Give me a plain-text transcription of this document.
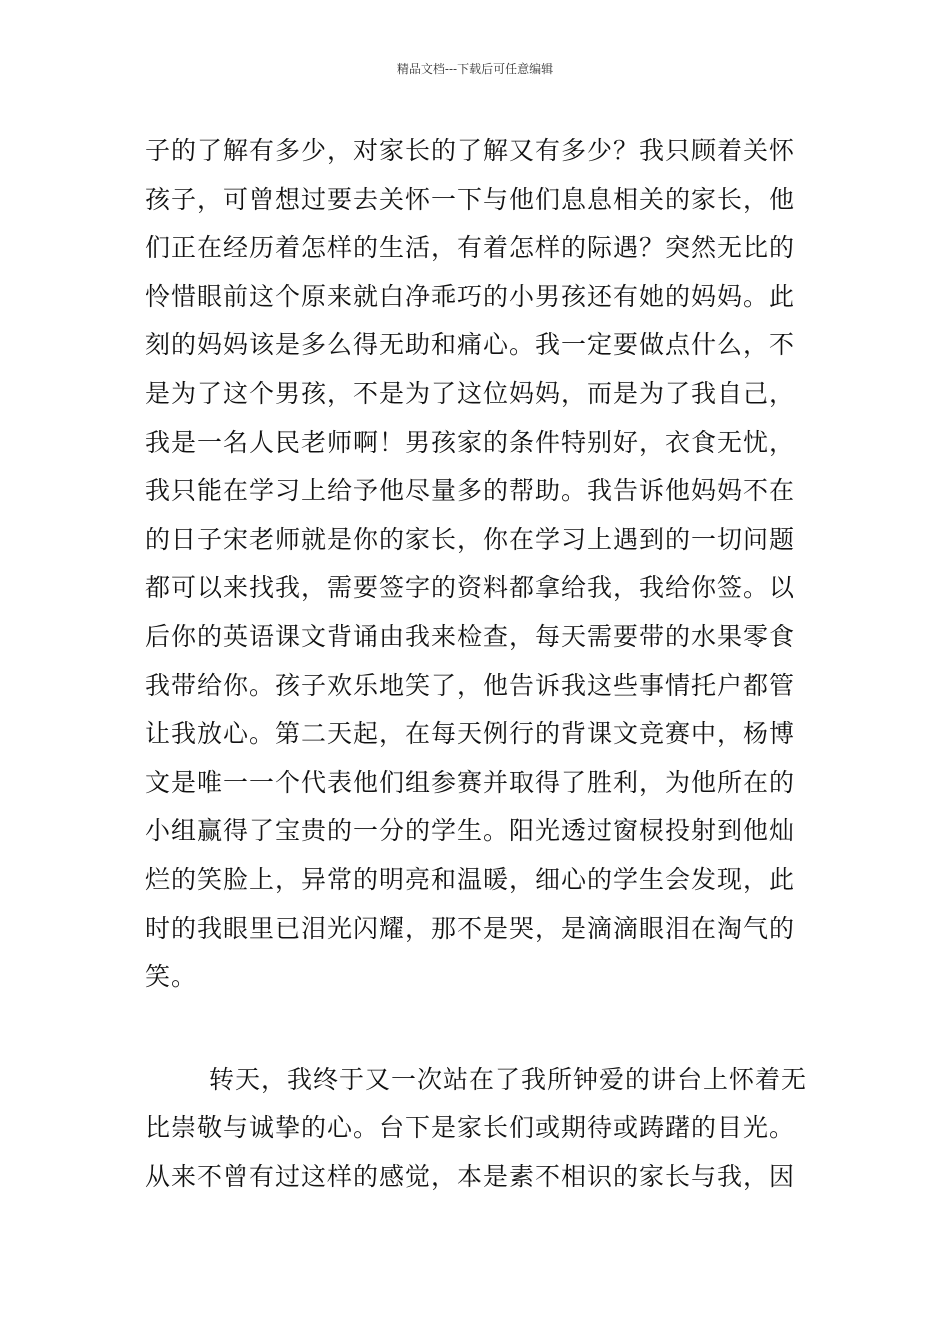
精品文档---下载后可任意编辑
子的了解有多少，对家长的了解又有多少？我只顾着关怀
孩子，可曾想过要去关怀一下与他们息息相关的家长，他
们正在经历着怎样的生活，有着怎样的际遇？突然无比的
怜惜眼前这个原来就白净乖巧的小男孩还有她的妈妈。此
刻的妈妈该是多么得无助和痛心。我一定要做点什么，不
是为了这个男孩，不是为了这位妈妈，而是为了我自己，
我是一名人民老师啊！男孩家的条件特别好，衣食无忧，
我只能在学习上给予他尽量多的帮助。我告诉他妈妈不在
的日子宋老师就是你的家长，你在学习上遇到的一切问题
都可以来找我，需要签字的资料都拿给我，我给你签。以
后你的英语课文背诵由我来检查，每天需要带的水果零食
我带给你。孩子欢乐地笑了，他告诉我这些事情托户都管
让我放心。第二天起，在每天例行的背课文竞赛中，杨博
文是唯一一个代表他们组参赛并取得了胜利，为他所在的
小组赢得了宝贵的一分的学生。阳光透过窗棂投射到他灿
烂的笑脸上，异常的明亮和温暖，细心的学生会发现，此
时的我眼里已泪光闪耀，那不是哭，是滴滴眼泪在淘气的
笑。
转天，我终于又一次站在了我所钟爱的讲台上怀着无
比崇敬与诚挚的心。台下是家长们或期待或踌躇的目光。
从来不曾有过这样的感觉，本是素不相识的家长与我，因
